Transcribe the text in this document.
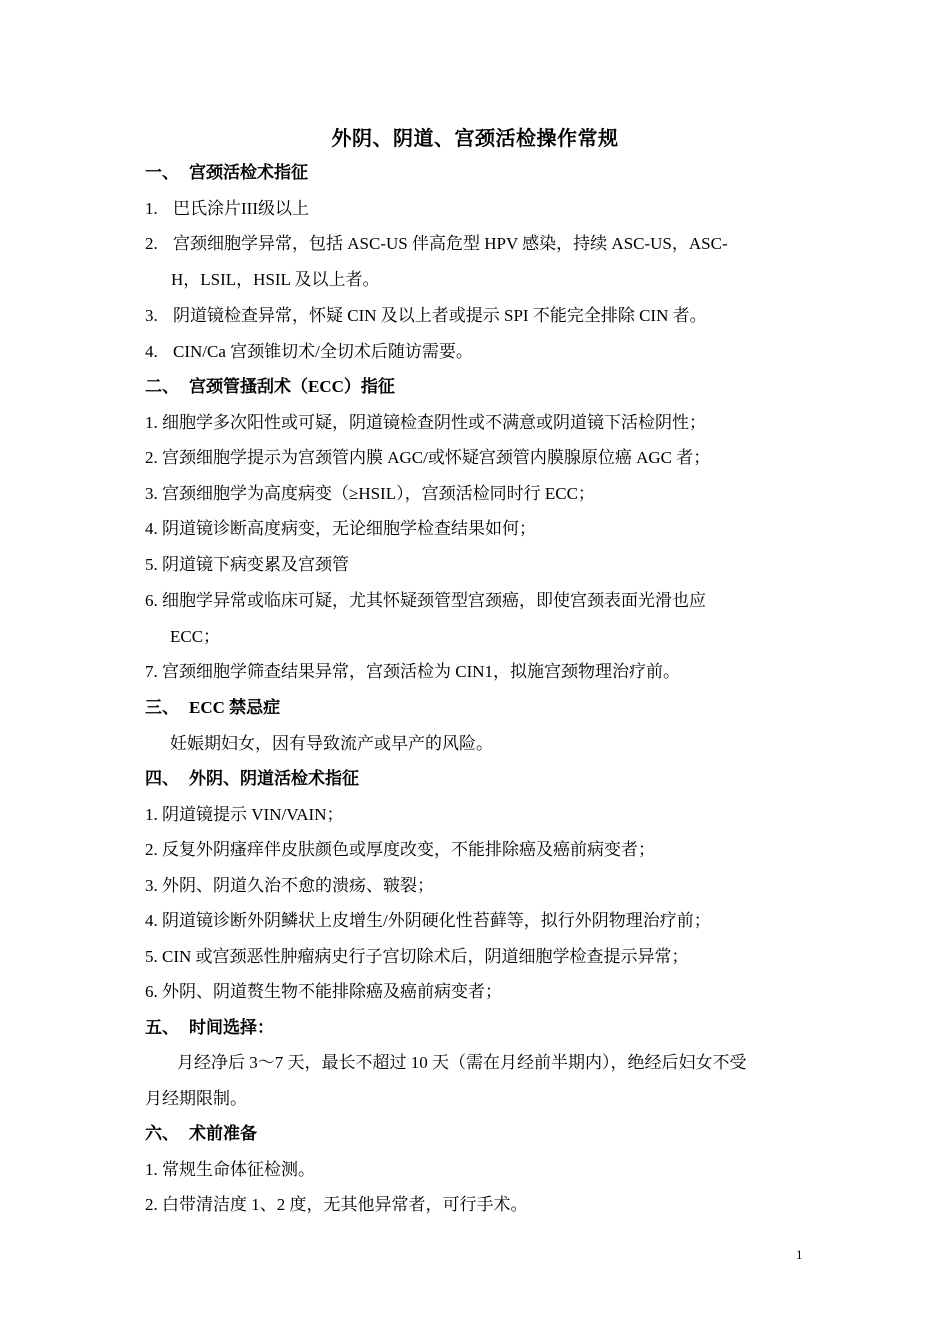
外阴、阴道、宫颈活检操作常规
一、 宫颈活检术指征
1. 巴氏涂片III级以上
2. 宫颈细胞学异常，包括 ASC-US 伴高危型 HPV 感染，持续 ASC-US，ASC-
H，LSIL，HSIL 及以上者。
3. 阴道镜检查异常，怀疑 CIN 及以上者或提示 SPI 不能完全排除 CIN 者。
4. CIN/Ca 宫颈锥切术/全切术后随访需要。
二、 宫颈管搔刮术（ECC）指征
1. 细胞学多次阳性或可疑，阴道镜检查阴性或不满意或阴道镜下活检阴性；
2. 宫颈细胞学提示为宫颈管内膜 AGC/或怀疑宫颈管内膜腺原位癌 AGC 者；
3. 宫颈细胞学为高度病变（≥HSIL），宫颈活检同时行 ECC；
4. 阴道镜诊断高度病变，无论细胞学检查结果如何；
5. 阴道镜下病变累及宫颈管
6. 细胞学异常或临床可疑，尤其怀疑颈管型宫颈癌，即使宫颈表面光滑也应
ECC；
7. 宫颈细胞学筛查结果异常，宫颈活检为 CIN1，拟施宫颈物理治疗前。
三、 ECC 禁忌症
妊娠期妇女，因有导致流产或早产的风险。
四、 外阴、阴道活检术指征
1. 阴道镜提示 VIN/VAIN；
2. 反复外阴瘙痒伴皮肤颜色或厚度改变，不能排除癌及癌前病变者；
3. 外阴、阴道久治不愈的溃疡、皲裂；
4. 阴道镜诊断外阴鳞状上皮增生/外阴硬化性苔藓等，拟行外阴物理治疗前；
5. CIN 或宫颈恶性肿瘤病史行子宫切除术后，阴道细胞学检查提示异常；
6. 外阴、阴道赘生物不能排除癌及癌前病变者；
五、 时间选择：
月经净后 3～7 天，最长不超过 10 天（需在月经前半期内），绝经后妇女不受
月经期限制。
六、 术前准备
1. 常规生命体征检测。
2. 白带清洁度 1、2 度，无其他异常者，可行手术。
1
